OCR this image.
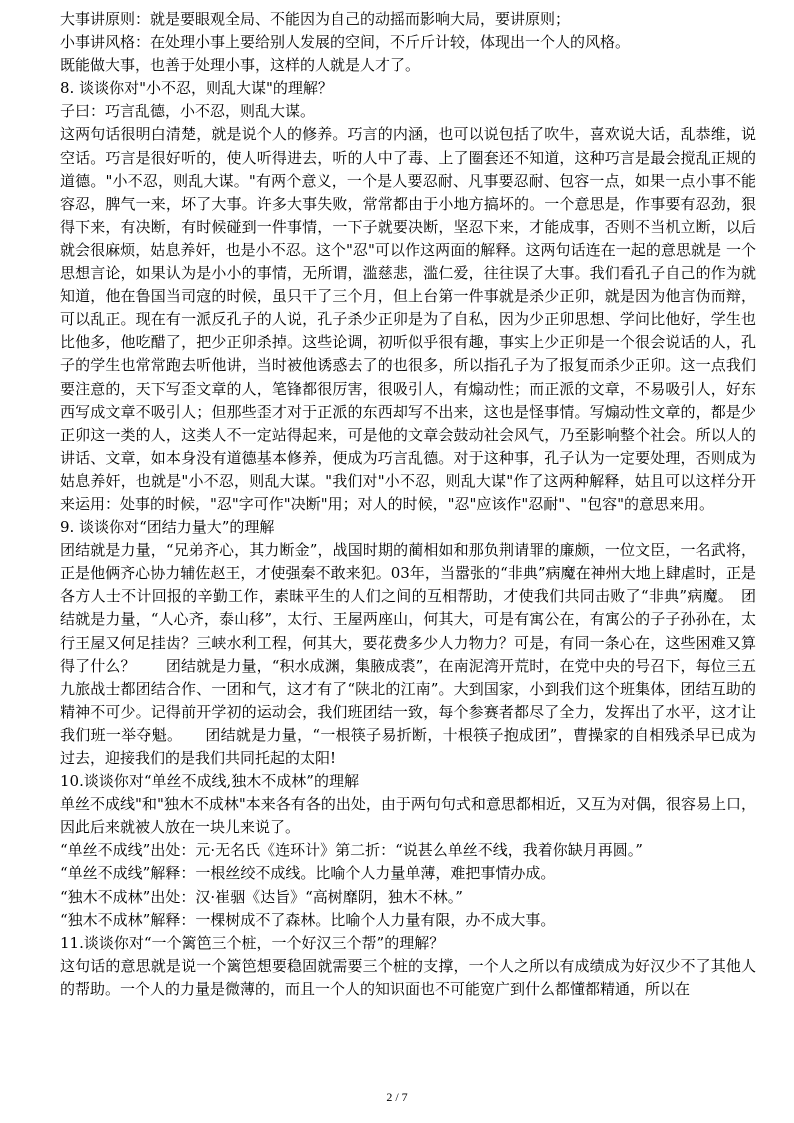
大事讲原则：就是要眼观全局、不能因为自己的动摇而影响大局，要讲原则；

小事讲风格：在处理小事上要给别人发展的空间，不斤斤计较，体现出一个人的风格。

既能做大事，也善于处理小事，这样的人就是人才了。

8. 谈谈你对"小不忍，则乱大谋"的理解？

子曰：巧言乱德，小不忍，则乱大谋。

这两句话很明白清楚，就是说个人的修养。巧言的内涵，也可以说包括了吹牛，喜欢说大话，乱恭维，说空话。巧言是很好听的，使人听得进去，听的人中了毒、上了圈套还不知道，这种巧言是最会搅乱正规的道德。"小不忍，则乱大谋。"有两个意义，一个是人要忍耐、凡事要忍耐、包容一点，如果一点小事不能容忍，脾气一来，坏了大事。许多大事失败，常常都由于小地方搞坏的。一个意思是，作事要有忍劲，狠得下来，有决断，有时候碰到一件事情，一下子就要决断，坚忍下来，才能成事，否则不当机立断，以后就会很麻烦，姑息养奸，也是小不忍。这个"忍"可以作这两面的解释。这两句话连在一起的意思就是 一个思想言论，如果认为是小小的事情，无所谓，滥慈悲，滥仁爱，往往误了大事。我们看孔子自己的作为就知道，他在鲁国当司寇的时候，虽只干了三个月，但上台第一件事就是杀少正卯，就是因为他言伪而辩，可以乱正。现在有一派反孔子的人说，孔子杀少正卯是为了自私，因为少正卯思想、学问比他好，学生也比他多，他吃醋了，把少正卯杀掉。这些论调，初听似乎很有趣，事实上少正卯是一个很会说话的人，孔子的学生也常常跑去听他讲，当时被他诱惑去了的也很多，所以指孔子为了报复而杀少正卯。这一点我们要注意的，天下写歪文章的人，笔锋都很厉害，很吸引人，有煽动性；而正派的文章，不易吸引人，好东西写成文章不吸引人；但那些歪才对于正派的东西却写不出来，这也是怪事情。写煽动性文章的，都是少正卯这一类的人，这类人不一定站得起来，可是他的文章会鼓动社会风气，乃至影响整个社会。所以人的讲话、文章，如本身没有道德基本修养，便成为巧言乱德。对于这种事，孔子认为一定要处理，否则成为姑息养奸，也就是"小不忍，则乱大谋。"我们对"小不忍，则乱大谋"作了这两种解释，姑且可以这样分开来运用：处事的时候，"忍"字可作"决断"用；对人的时候，"忍"应该作"忍耐"、"包容"的意思来用。

9. 谈谈你对“团结力量大”的理解

团结就是力量，“兄弟齐心，其力断金”，战国时期的蔺相如和那负荆请罪的廉颇，一位文臣，一名武将，正是他俩齐心协力辅佐赵王，才使强秦不敢来犯。03年，当嚣张的“非典”病魔在神州大地上肆虐时，正是各方人士不计回报的辛勤工作，素昧平生的人们之间的互相帮助，才使我们共同击败了“非典”病魔。　团结就是力量，“人心齐，泰山移”，太行、王屋两座山，何其大，可是有寓公在，有寓公的子子孙孙在，太行王屋又何足挂齿？三峡水利工程，何其大，要花费多少人力物力？可是，有同一条心在，这些困难又算得了什么？　　团结就是力量，“积水成渊，集腋成裘”，在南泥湾开荒时，在党中央的号召下，每位三五九旅战士都团结合作、一团和气，这才有了“陕北的江南”。大到国家，小到我们这个班集体，团结互助的精神不可少。记得前开学初的运动会，我们班团结一致，每个参赛者都尽了全力，发挥出了水平，这才让我们班一举夺魁。　　团结就是力量，“一根筷子易折断，十根筷子抱成团”，曹操家的自相残杀早已成为过去，迎接我们的是我们共同托起的太阳!

10.谈谈你对“单丝不成线,独木不成林”的理解

单丝不成线"和"独木不成林"本来各有各的出处，由于两句句式和意思都相近，又互为对偶，很容易上口，因此后来就被人放在一块儿来说了。

“单丝不成线”出处：元·无名氏《连环计》第二折：“说甚么单丝不线，我着你缺月再圆。”

“单丝不成线”解释：一根丝绞不成线。比喻个人力量单薄，难把事情办成。

“独木不成林”出处：汉·崔骃《达旨》“高树靡阴，独木不林。”

“独木不成林”解释：一棵树成不了森林。比喻个人力量有限，办不成大事。

11.谈谈你对“一个篱笆三个桩，一个好汉三个帮”的理解？

这句话的意思就是说一个篱笆想要稳固就需要三个桩的支撑，一个人之所以有成绩成为好汉少不了其他人的帮助。一个人的力量是微薄的，而且一个人的知识面也不可能宽广到什么都懂都精通，所以在

2 / 7
